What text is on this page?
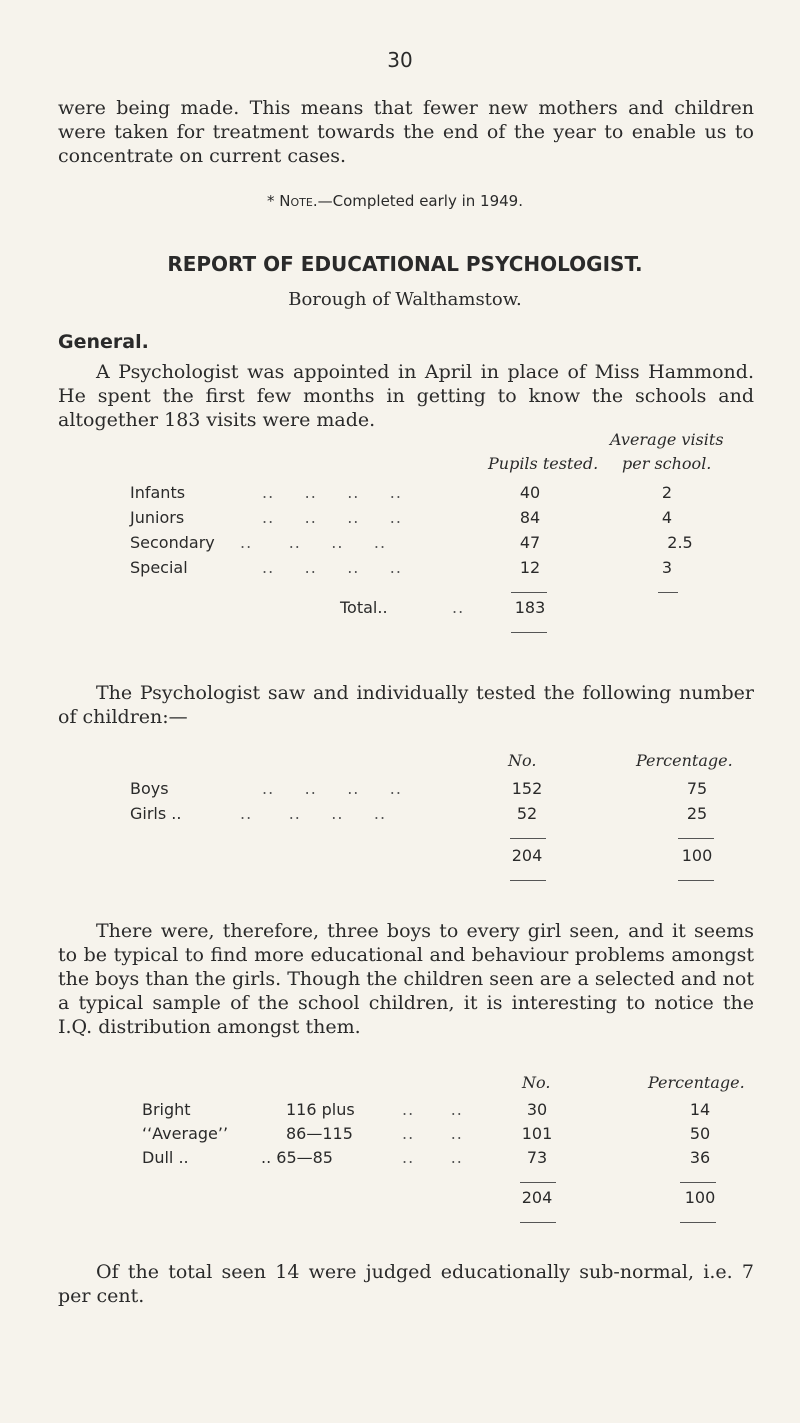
30

were being made. This means that fewer new mothers and children were taken for treatment towards the end of the year to enable us to concentrate on current cases.

* Note.—Completed early in 1949.
REPORT OF EDUCATIONAL PSYCHOLOGIST.
Borough of Walthamstow.
General.

A Psychologist was appointed in April in place of Miss Hammond. He spent the first few months in getting to know the schools and altogether 183 visits were made.

Average visits
Pupils tested. per school.
Infants	..     ..     ..     ..	40	2
Juniors	..     ..     ..     ..	84	4
Secondary ..      ..     ..     ..	47	2.5
Special	..     ..     ..     ..	12	3
Total..	..	183

The Psychologist saw and individually tested the following number of children:—

No.	Percentage.
Boys	..     ..     ..     ..	152	75
Girls ..	..      ..     ..     ..	52	25
204	100

There were, therefore, three boys to every girl seen, and it seems to be typical to find more educational and behaviour problems amongst the boys than the girls. Though the children seen are a selected and not a typical sample of the school children, it is interesting to notice the I.Q. distribution amongst them.

No.	Percentage.
Bright	116 plus	..      ..	30	14
‘‘Average’’	86—115	..      ..	101	50
Dull ..	.. 65—85	..      ..	73	36
204	100

Of the total seen 14 were judged educationally sub-normal, i.e. 7 per cent.
